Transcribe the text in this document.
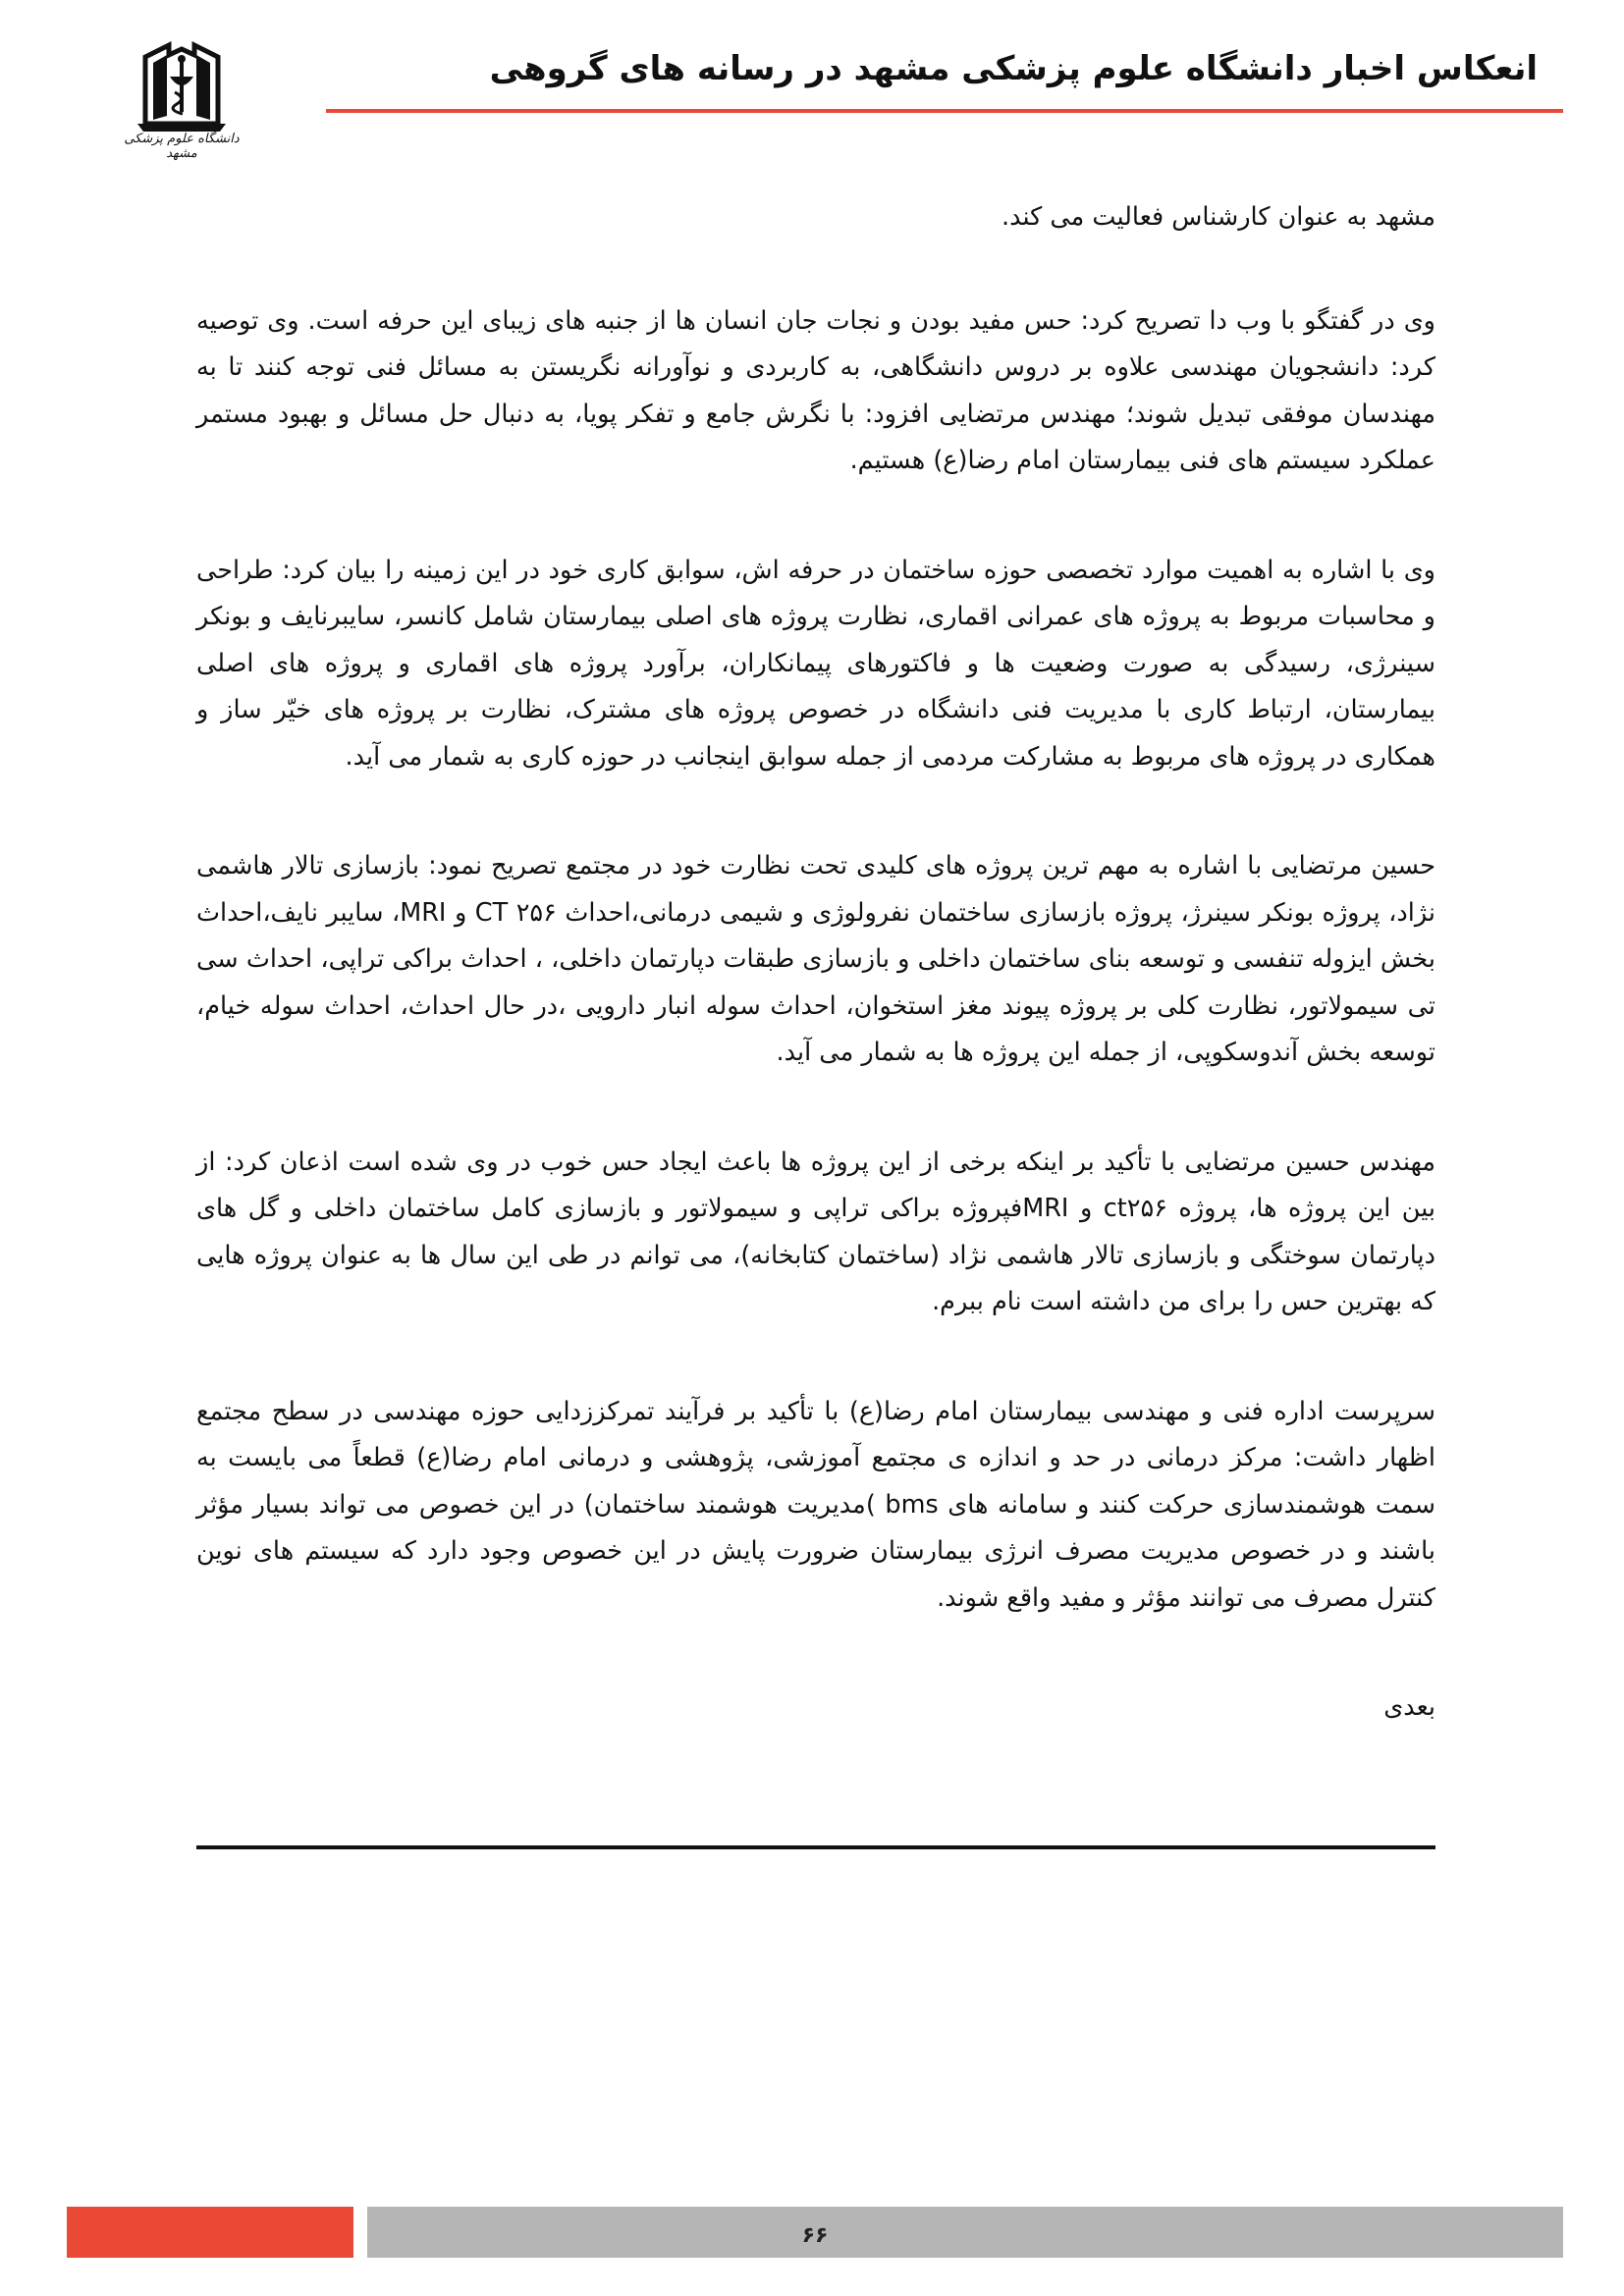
دانشگاه علوم پزشکی مشهد
انعکاس اخبار دانشگاه علوم پزشکی مشهد در رسانه های گروهی

مشهد به عنوان کارشناس فعالیت می کند.

وی در گفتگو با وب دا تصریح کرد: حس مفید بودن و نجات جان انسان ها از جنبه های زیبای این حرفه است. وی توصیه کرد: دانشجویان مهندسی علاوه بر دروس دانشگاهی، به کاربردی و نوآورانه نگریستن به مسائل فنی توجه کنند تا به مهندسان موفقی تبدیل شوند؛ مهندس مرتضایی افزود: با نگرش جامع و تفکر پویا، به دنبال حل مسائل و بهبود مستمر عملکرد سیستم های فنی بیمارستان امام رضا(ع) هستیم.

وی با اشاره به اهمیت موارد تخصصی حوزه ساختمان در حرفه اش، سوابق کاری خود در این زمینه را بیان کرد: طراحی و محاسبات مربوط به پروژه های عمرانی اقماری، نظارت پروژه های اصلی بیمارستان شامل کانسر، سایبرنایف و بونکر سینرژی، رسیدگی به صورت وضعیت ها و فاکتورهای پیمانکاران، برآورد پروژه های اقماری و پروژه های اصلی بیمارستان، ارتباط کاری با مدیریت فنی دانشگاه در خصوص پروژه های مشترک، نظارت بر پروژه های خیّر ساز و همکاری در پروژه های مربوط به مشارکت مردمی از جمله سوابق اینجانب در حوزه کاری به شمار می آید.

حسین مرتضایی با اشاره به مهم ترین پروژه های کلیدی تحت نظارت خود در مجتمع تصریح نمود: بازسازی تالار هاشمی نژاد، پروژه بونکر سینرژ، پروژه بازسازی ساختمان نفرولوژی و شیمی درمانی،احداث ۲۵۶ CT و MRI، سایبر نایف،احداث بخش ایزوله تنفسی و توسعه بنای ساختمان داخلی و بازسازی طبقات دپارتمان داخلی، ، احداث براکی تراپی، احداث سی تی سیمولاتور، نظارت کلی بر پروژه پیوند مغز استخوان، احداث سوله انبار دارویی ،در حال احداث، احداث سوله خیام، توسعه بخش آندوسکوپی، از جمله این پروژه ها به شمار می آید.

مهندس حسین مرتضایی با تأکید بر اینکه برخی از این پروژه ها باعث ایجاد حس خوب در وی شده است اذعان کرد: از بین این پروژه ها، پروژه ct۲۵۶ و MRIفپروژه براکی تراپی و سیمولاتور و بازسازی کامل ساختمان داخلی و گل های دپارتمان سوختگی و بازسازی تالار هاشمی نژاد (ساختمان کتابخانه)، می توانم در طی این سال ها به عنوان پروژه هایی که بهترین حس را برای من داشته است نام ببرم.

سرپرست اداره فنی و مهندسی بیمارستان امام رضا(ع) با تأکید بر فرآیند تمرکززدایی حوزه مهندسی در سطح مجتمع اظهار داشت: مرکز درمانی در حد و اندازه ی مجتمع آموزشی، پژوهشی و درمانی امام رضا(ع) قطعاً می بایست به سمت هوشمندسازی حرکت کنند و سامانه های bms )مدیریت هوشمند ساختمان) در این خصوص می تواند بسیار مؤثر باشند و در خصوص مدیریت مصرف انرژی بیمارستان ضرورت پایش در این خصوص وجود دارد که سیستم های نوین کنترل مصرف می توانند مؤثر و مفید واقع شوند.

بعدی

۶۶
